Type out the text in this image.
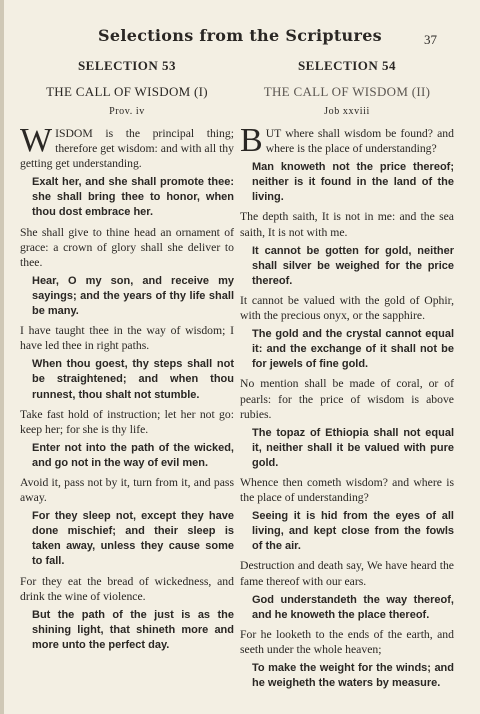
Selections from the Scriptures	37
SELECTION 53
THE CALL OF WISDOM (I)
Prov. iv

WISDOM is the principal thing; therefore get wisdom: and with all thy getting get understanding.

Exalt her, and she shall promote thee: she shall bring thee to honor, when thou dost embrace her.

She shall give to thine head an ornament of grace: a crown of glory shall she deliver to thee.

Hear, O my son, and receive my sayings; and the years of thy life shall be many.

I have taught thee in the way of wisdom; I have led thee in right paths.

When thou goest, thy steps shall not be straightened; and when thou runnest, thou shalt not stumble.

Take fast hold of instruction; let her not go: keep her; for she is thy life.

Enter not into the path of the wicked, and go not in the way of evil men.

Avoid it, pass not by it, turn from it, and pass away.

For they sleep not, except they have done mischief; and their sleep is taken away, unless they cause some to fall.

For they eat the bread of wickedness, and drink the wine of violence.

But the path of the just is as the shining light, that shineth more and more unto the perfect day.

SELECTION 54
THE CALL OF WISDOM (II)
Job xxviii

BUT where shall wisdom be found? and where is the place of understanding?

Man knoweth not the price thereof; neither is it found in the land of the living.

The depth saith, It is not in me: and the sea saith, It is not with me.

It cannot be gotten for gold, neither shall silver be weighed for the price thereof.

It cannot be valued with the gold of Ophir, with the precious onyx, or the sapphire.

The gold and the crystal cannot equal it: and the exchange of it shall not be for jewels of fine gold.

No mention shall be made of coral, or of pearls: for the price of wisdom is above rubies.

The topaz of Ethiopia shall not equal it, neither shall it be valued with pure gold.

Whence then cometh wisdom? and where is the place of understanding?

Seeing it is hid from the eyes of all living, and kept close from the fowls of the air.

Destruction and death say, We have heard the fame thereof with our ears.

God understandeth the way thereof, and he knoweth the place thereof.

For he looketh to the ends of the earth, and seeth under the whole heaven;

To make the weight for the winds; and he weigheth the waters by measure.
